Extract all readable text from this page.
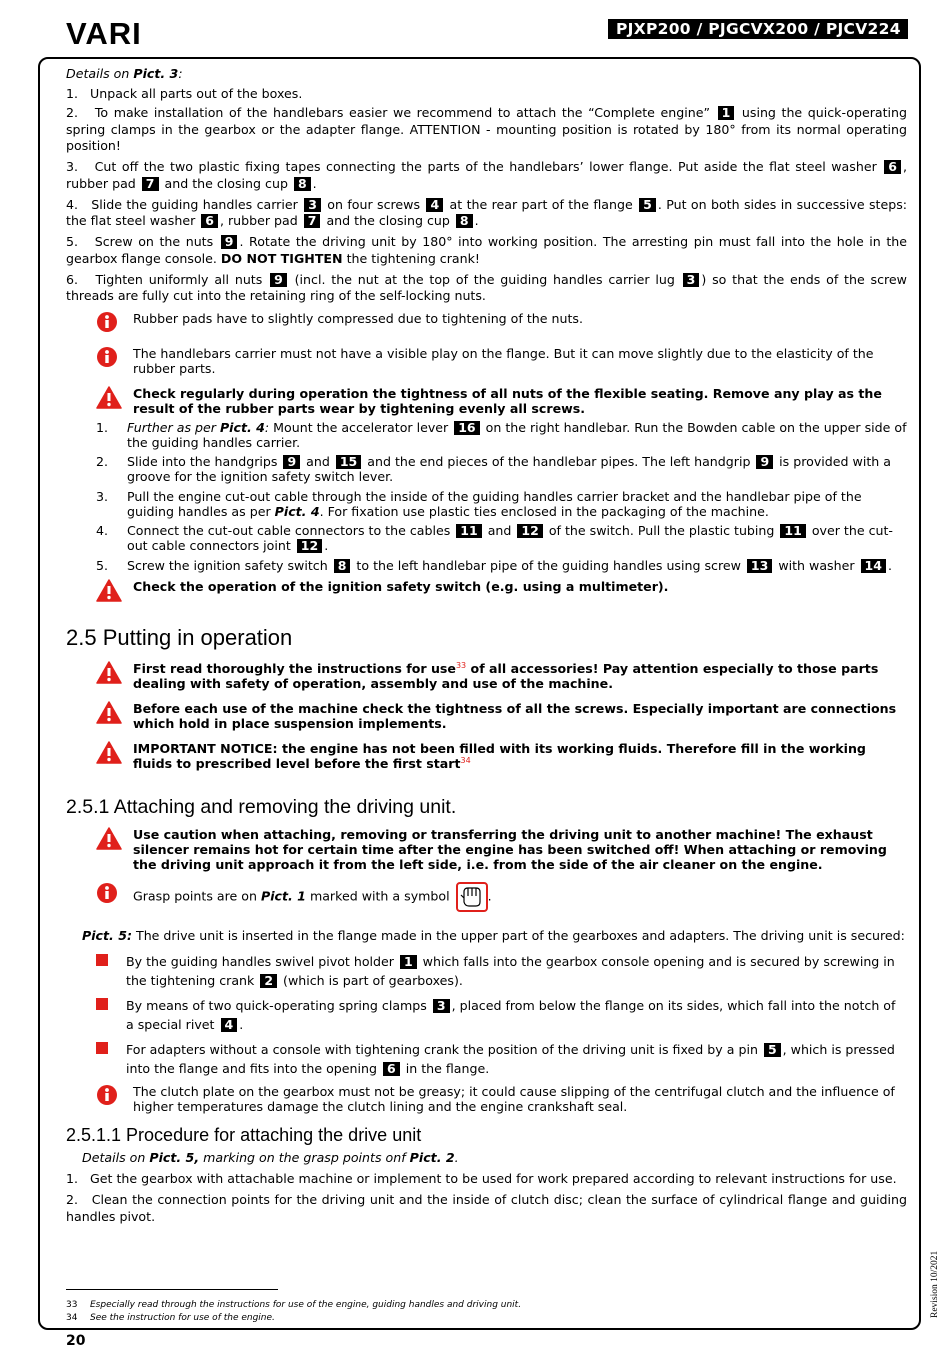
VARI	PJXP200 / PJGCVX200 / PJCV224

Details on Pict. 3:

1. Unpack all parts out of the boxes.

2. To make installation of the handlebars easier we recommend to attach the “Complete engine” 1 using the quick-operating spring clamps in the gearbox or the adapter flange. ATTENTION - mounting position is rotated by 180° from its normal operating position!

3. Cut off the two plastic fixing tapes connecting the parts of the handlebars’ lower flange. Put aside the flat steel washer 6 , rubber pad 7 and the closing cup 8 .

4. Slide the guiding handles carrier 3 on four screws 4 at the rear part of the flange 5 . Put on both sides in successive steps: the flat steel washer 6 , rubber pad 7 and the closing cup 8 .

5. Screw on the nuts 9 . Rotate the driving unit by 180° into working position. The arresting pin must fall into the hole in the gearbox flange console. DO NOT TIGHTEN the tightening crank!

6. Tighten uniformly all nuts 9 (incl. the nut at the top of the guiding handles carrier lug 3 ) so that the ends of the screw threads are fully cut into the retaining ring of the self-locking nuts.

Rubber pads have to slightly compressed due to tightening of the nuts.
The handlebars carrier must not have a visible play on the flange. But it can move slightly due to the elasticity of the rubber parts.
Check regularly during operation the tightness of all nuts of the flexible seating. Remove any play as the result of the rubber parts wear by tightening evenly all screws.
1.	Further as per Pict. 4: Mount the accelerator lever 16 on the right handlebar. Run the Bowden cable on the upper side of the guiding handles carrier.
2.	Slide into the handgrips 9 and 15 and the end pieces of the handlebar pipes. The left handgrip 9 is provided with a groove for the ignition safety switch lever.
3.	Pull the engine cut-out cable through the inside of the guiding handles carrier bracket and the handlebar pipe of the guiding handles as per Pict. 4. For fixation use plastic ties enclosed in the packaging of the machine.
4.	Connect the cut-out cable connectors to the cables 11 and 12 of the switch. Pull the plastic tubing 11 over the cut-out cable connectors joint 12 .
5.	Screw the ignition safety switch 8 to the left handlebar pipe of the guiding handles using screw 13 with washer 14 .
Check the operation of the ignition safety switch (e.g. using a multimeter).
2.5 Putting in operation
First read thoroughly the instructions for use$^{33}$ of all accessories! Pay attention especially to those parts dealing with safety of operation, assembly and use of the machine.
Before each use of the machine check the tightness of all the screws. Especially important are connections which hold in place suspension implements.
IMPORTANT NOTICE: the engine has not been filled with its working fluids. Therefore fill in the working fluids to prescribed level before the first start$^{34}$
2.5.1 Attaching and removing the driving unit.
Use caution when attaching, removing or transferring the driving unit to another machine! The exhaust silencer remains hot for certain time after the engine has been switched off! When attaching or removing the driving unit approach it from the left side, i.e. from the side of the air cleaner on the engine.
Grasp points are on Pict. 1 marked with a symbol	.

Pict. 5: The drive unit is inserted in the flange made in the upper part of the gearboxes and adapters. The driving unit is secured:

By the guiding handles swivel pivot holder 1 which falls into the gearbox console opening and is secured by screwing in the tightening crank 2 (which is part of gearboxes).
By means of two quick-operating spring clamps 3 , placed from below the flange on its sides, which fall into the notch of a special rivet 4 .
For adapters without a console with tightening crank the position of the driving unit is fixed by a pin 5 , which is pressed into the flange and fits into the opening 6 in the flange.
The clutch plate on the gearbox must not be greasy; it could cause slipping of the centrifugal clutch and the influence of higher temperatures damage the clutch lining and the engine crankshaft seal.
2.5.1.1 Procedure for attaching the drive unit

Details on Pict. 5, marking on the grasp points onf Pict. 2.

1. Get the gearbox with attachable machine or implement to be used for work prepared according to relevant instructions for use.

2. Clean the connection points for the driving unit and the inside of clutch disc; clean the surface of cylindrical flange and guiding handles pivot.

33 Especially read through the instructions for use of the engine, guiding handles and driving unit.
34 See the instruction for use of the engine.
20
Revision 10/2021
